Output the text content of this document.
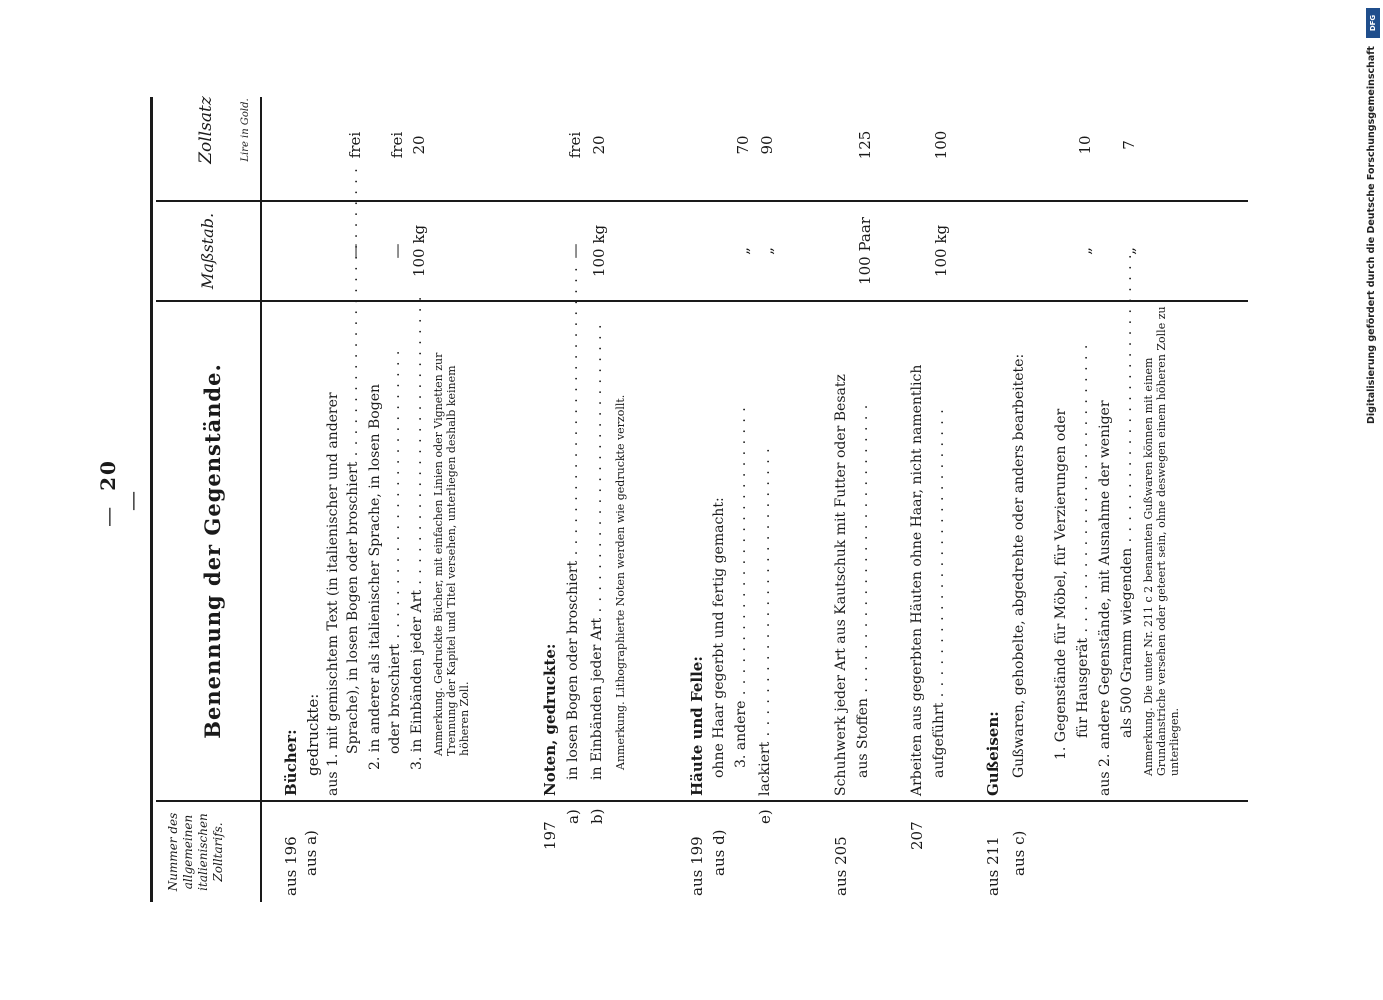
—20—
Nummer des allgemeinen italienischen Zolltarifs.
Benennung der Gegenstände.
Maßstab.
Zollsatz Lire in Gold.
aus 196 aus a)
Bücher: gedruckte: aus 1. mit gemischtem Text (in italienischer und anderer Sprache), in losen Bogen oder broschiert . . . 2. in anderer als italienischer Sprache, in losen Bogen oder broschiert . . . 3. in Einbänden jeder Art . . . Anmerkung. Gedruckte Bücher, mit einfachen Linien oder Vignetten zur Trennung der Kapitel und Titel versehen, unterliegen deshalb keinem höheren Zoll.
—
frei
—
frei
100 kg
20
197
Noten, gedruckte:
a)
in losen Bogen oder broschiert . . .
b)
in Einbänden jeder Art . . . Anmerkung. Lithographierte Noten werden wie gedruckte verzollt.
—
frei
100 kg
20
aus 199
Häute und Felle:
aus d)
ohne Haar gegerbt und fertig gemacht: 3. andere . . .
e)
lackiert . . .
„
70
„
90
aus 205
Schuhwerk jeder Art aus Kautschuk mit Futter oder Besatz aus Stoffen . . .
100 Paar
125
207
Arbeiten aus gegerbten Häuten ohne Haar, nicht namentlich aufgeführt . . .
100 kg
100
aus 211
Gußeisen:
aus c)
Gußwaren, gehobelte, abgedrehte oder anders bearbeitete: 1. Gegenstände für Möbel, für Verzierungen oder für Hausgerät . . . aus 2. andere Gegenstände, mit Ausnahme der weniger als 500 Gramm wiegenden . . . Anmerkung. Die unter Nr. 211 c 2 benannten Gußwaren können mit einem Grundanstriche versehen oder geteert sein, ohne deswegen einem höheren Zolle zu unterliegen.
„
10
„
7
DFG
Digitalisierung gefördert durch die Deutsche Forschungsgemeinschaft
